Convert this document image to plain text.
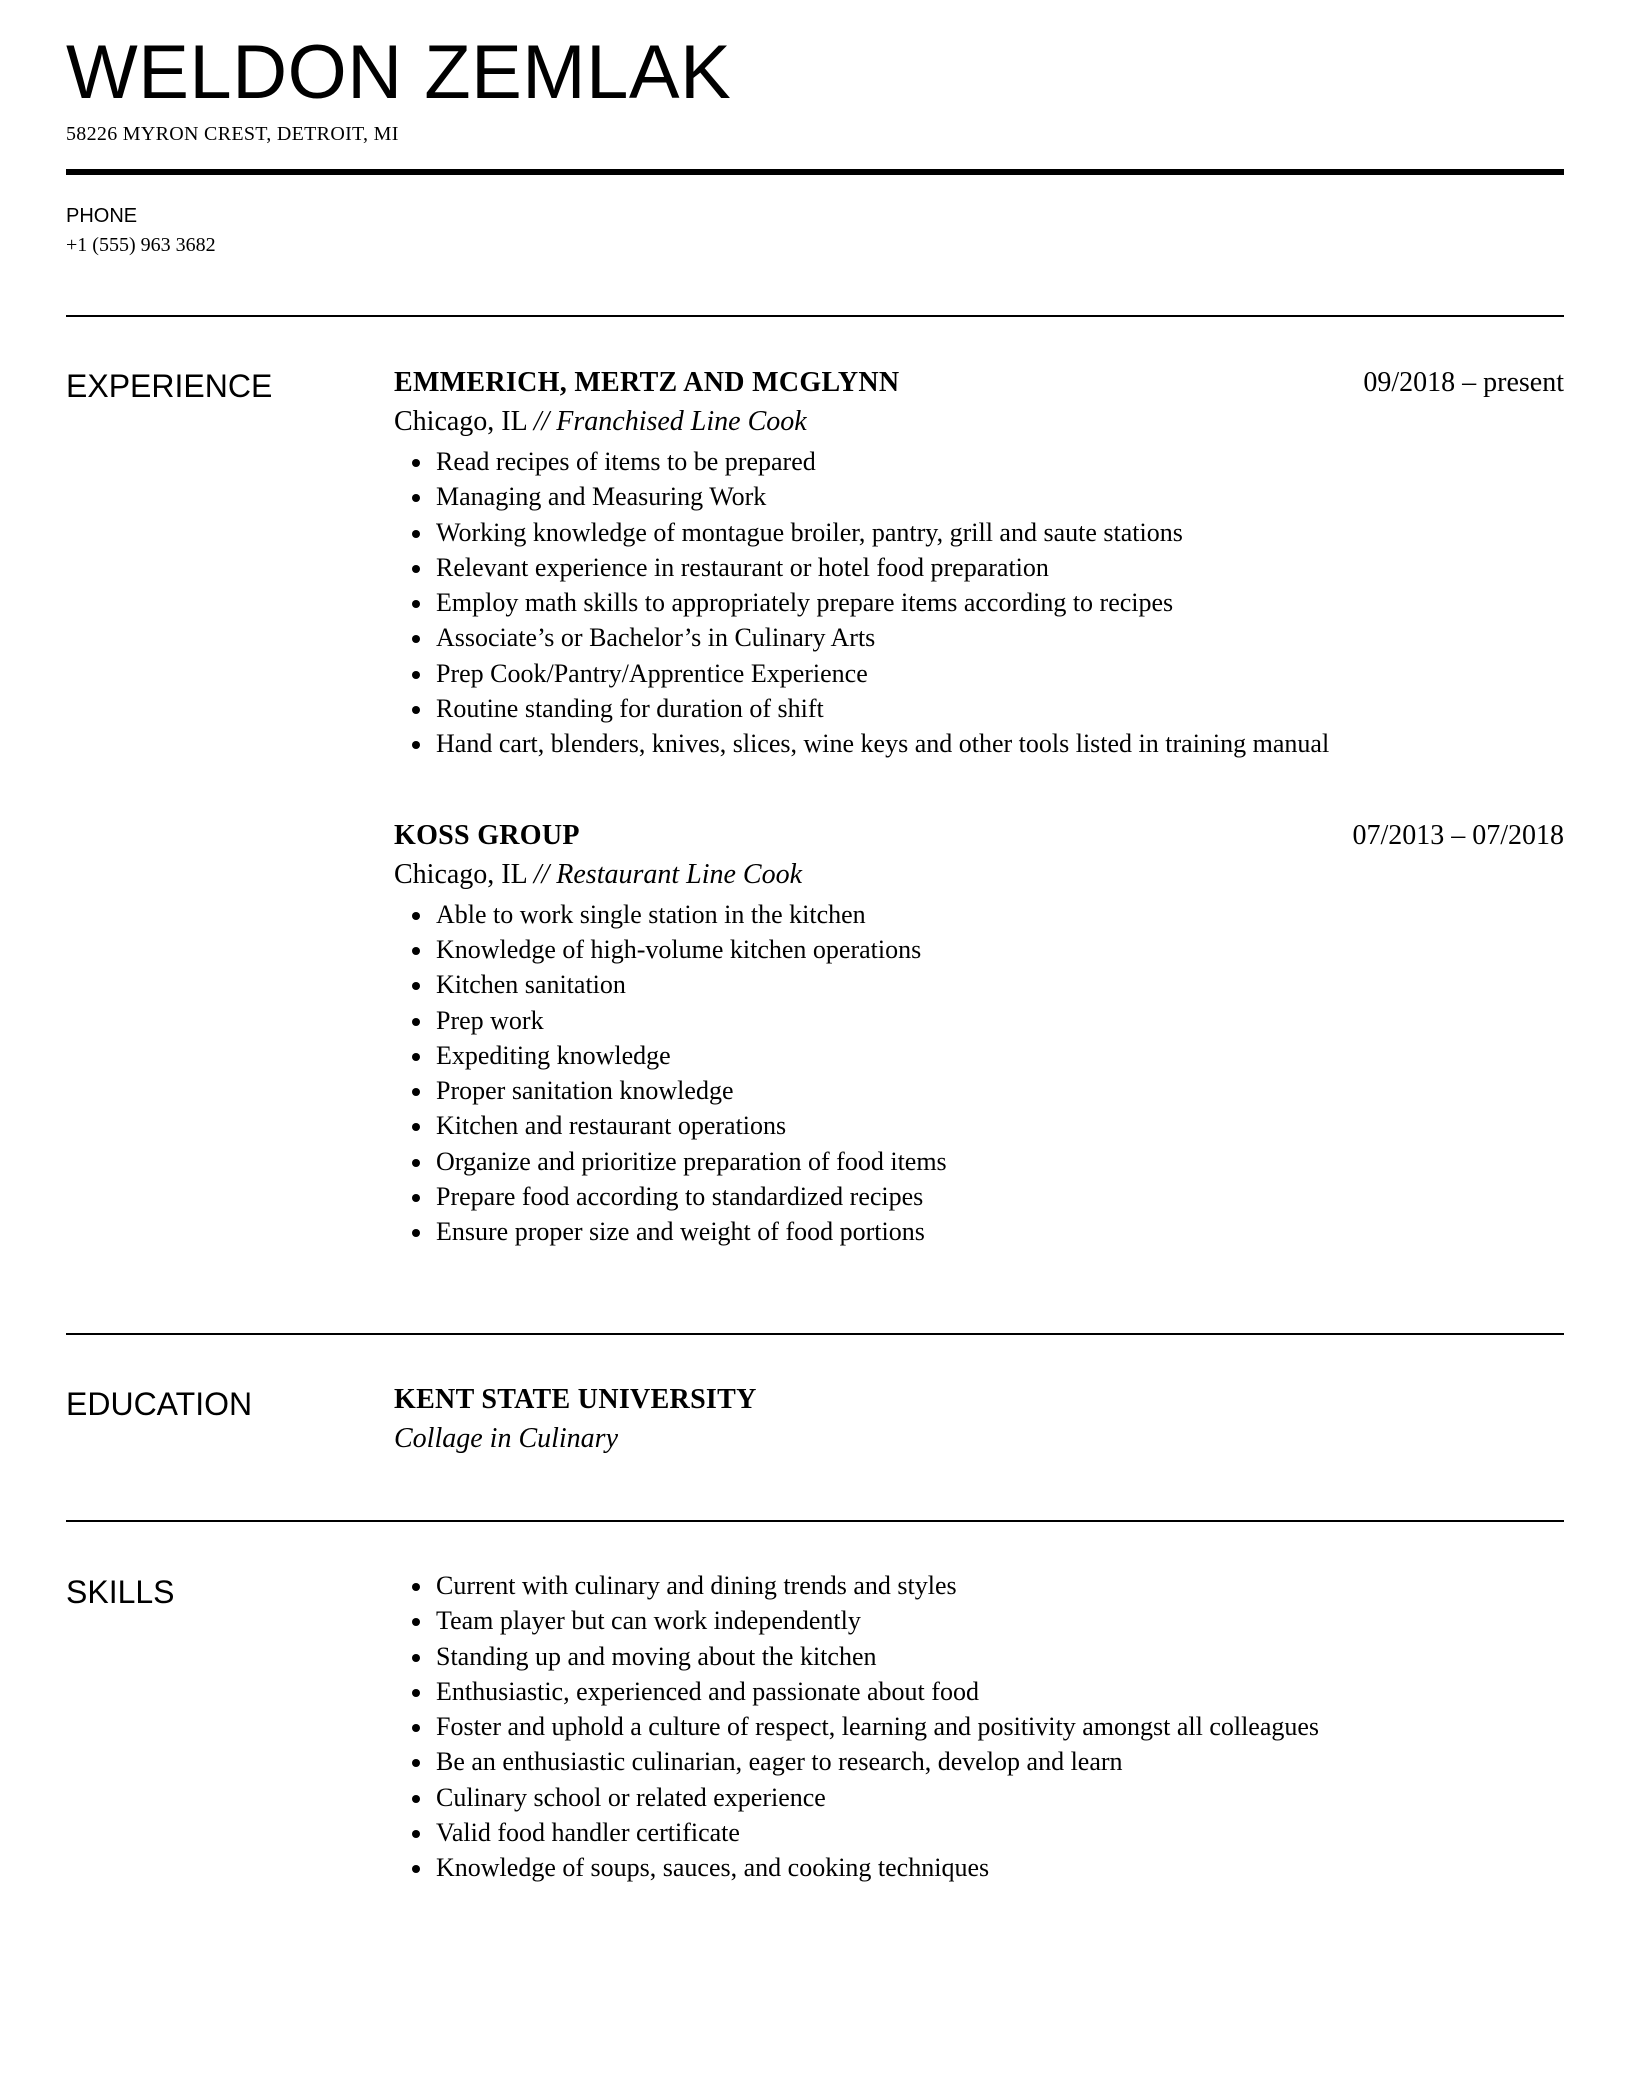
WELDON ZEMLAK
58226 MYRON CREST, DETROIT, MI
PHONE
+1 (555) 963 3682
EXPERIENCE	EMMERICH, MERTZ AND MCGLYNN	09/2018 – present
Chicago, IL // Franchised Line Cook
Read recipes of items to be prepared
Managing and Measuring Work
Working knowledge of montague broiler, pantry, grill and saute stations
Relevant experience in restaurant or hotel food preparation
Employ math skills to appropriately prepare items according to recipes
Associate’s or Bachelor’s in Culinary Arts
Prep Cook/Pantry/Apprentice Experience
Routine standing for duration of shift
Hand cart, blenders, knives, slices, wine keys and other tools listed in training manual
KOSS GROUP	07/2013 – 07/2018
Chicago, IL // Restaurant Line Cook
Able to work single station in the kitchen
Knowledge of high-volume kitchen operations
Kitchen sanitation
Prep work
Expediting knowledge
Proper sanitation knowledge
Kitchen and restaurant operations
Organize and prioritize preparation of food items
Prepare food according to standardized recipes
Ensure proper size and weight of food portions
EDUCATION	KENT STATE UNIVERSITY
Collage in Culinary
SKILLS	Current with culinary and dining trends and styles
Team player but can work independently
Standing up and moving about the kitchen
Enthusiastic, experienced and passionate about food
Foster and uphold a culture of respect, learning and positivity amongst all colleagues
Be an enthusiastic culinarian, eager to research, develop and learn
Culinary school or related experience
Valid food handler certificate
Knowledge of soups, sauces, and cooking techniques
